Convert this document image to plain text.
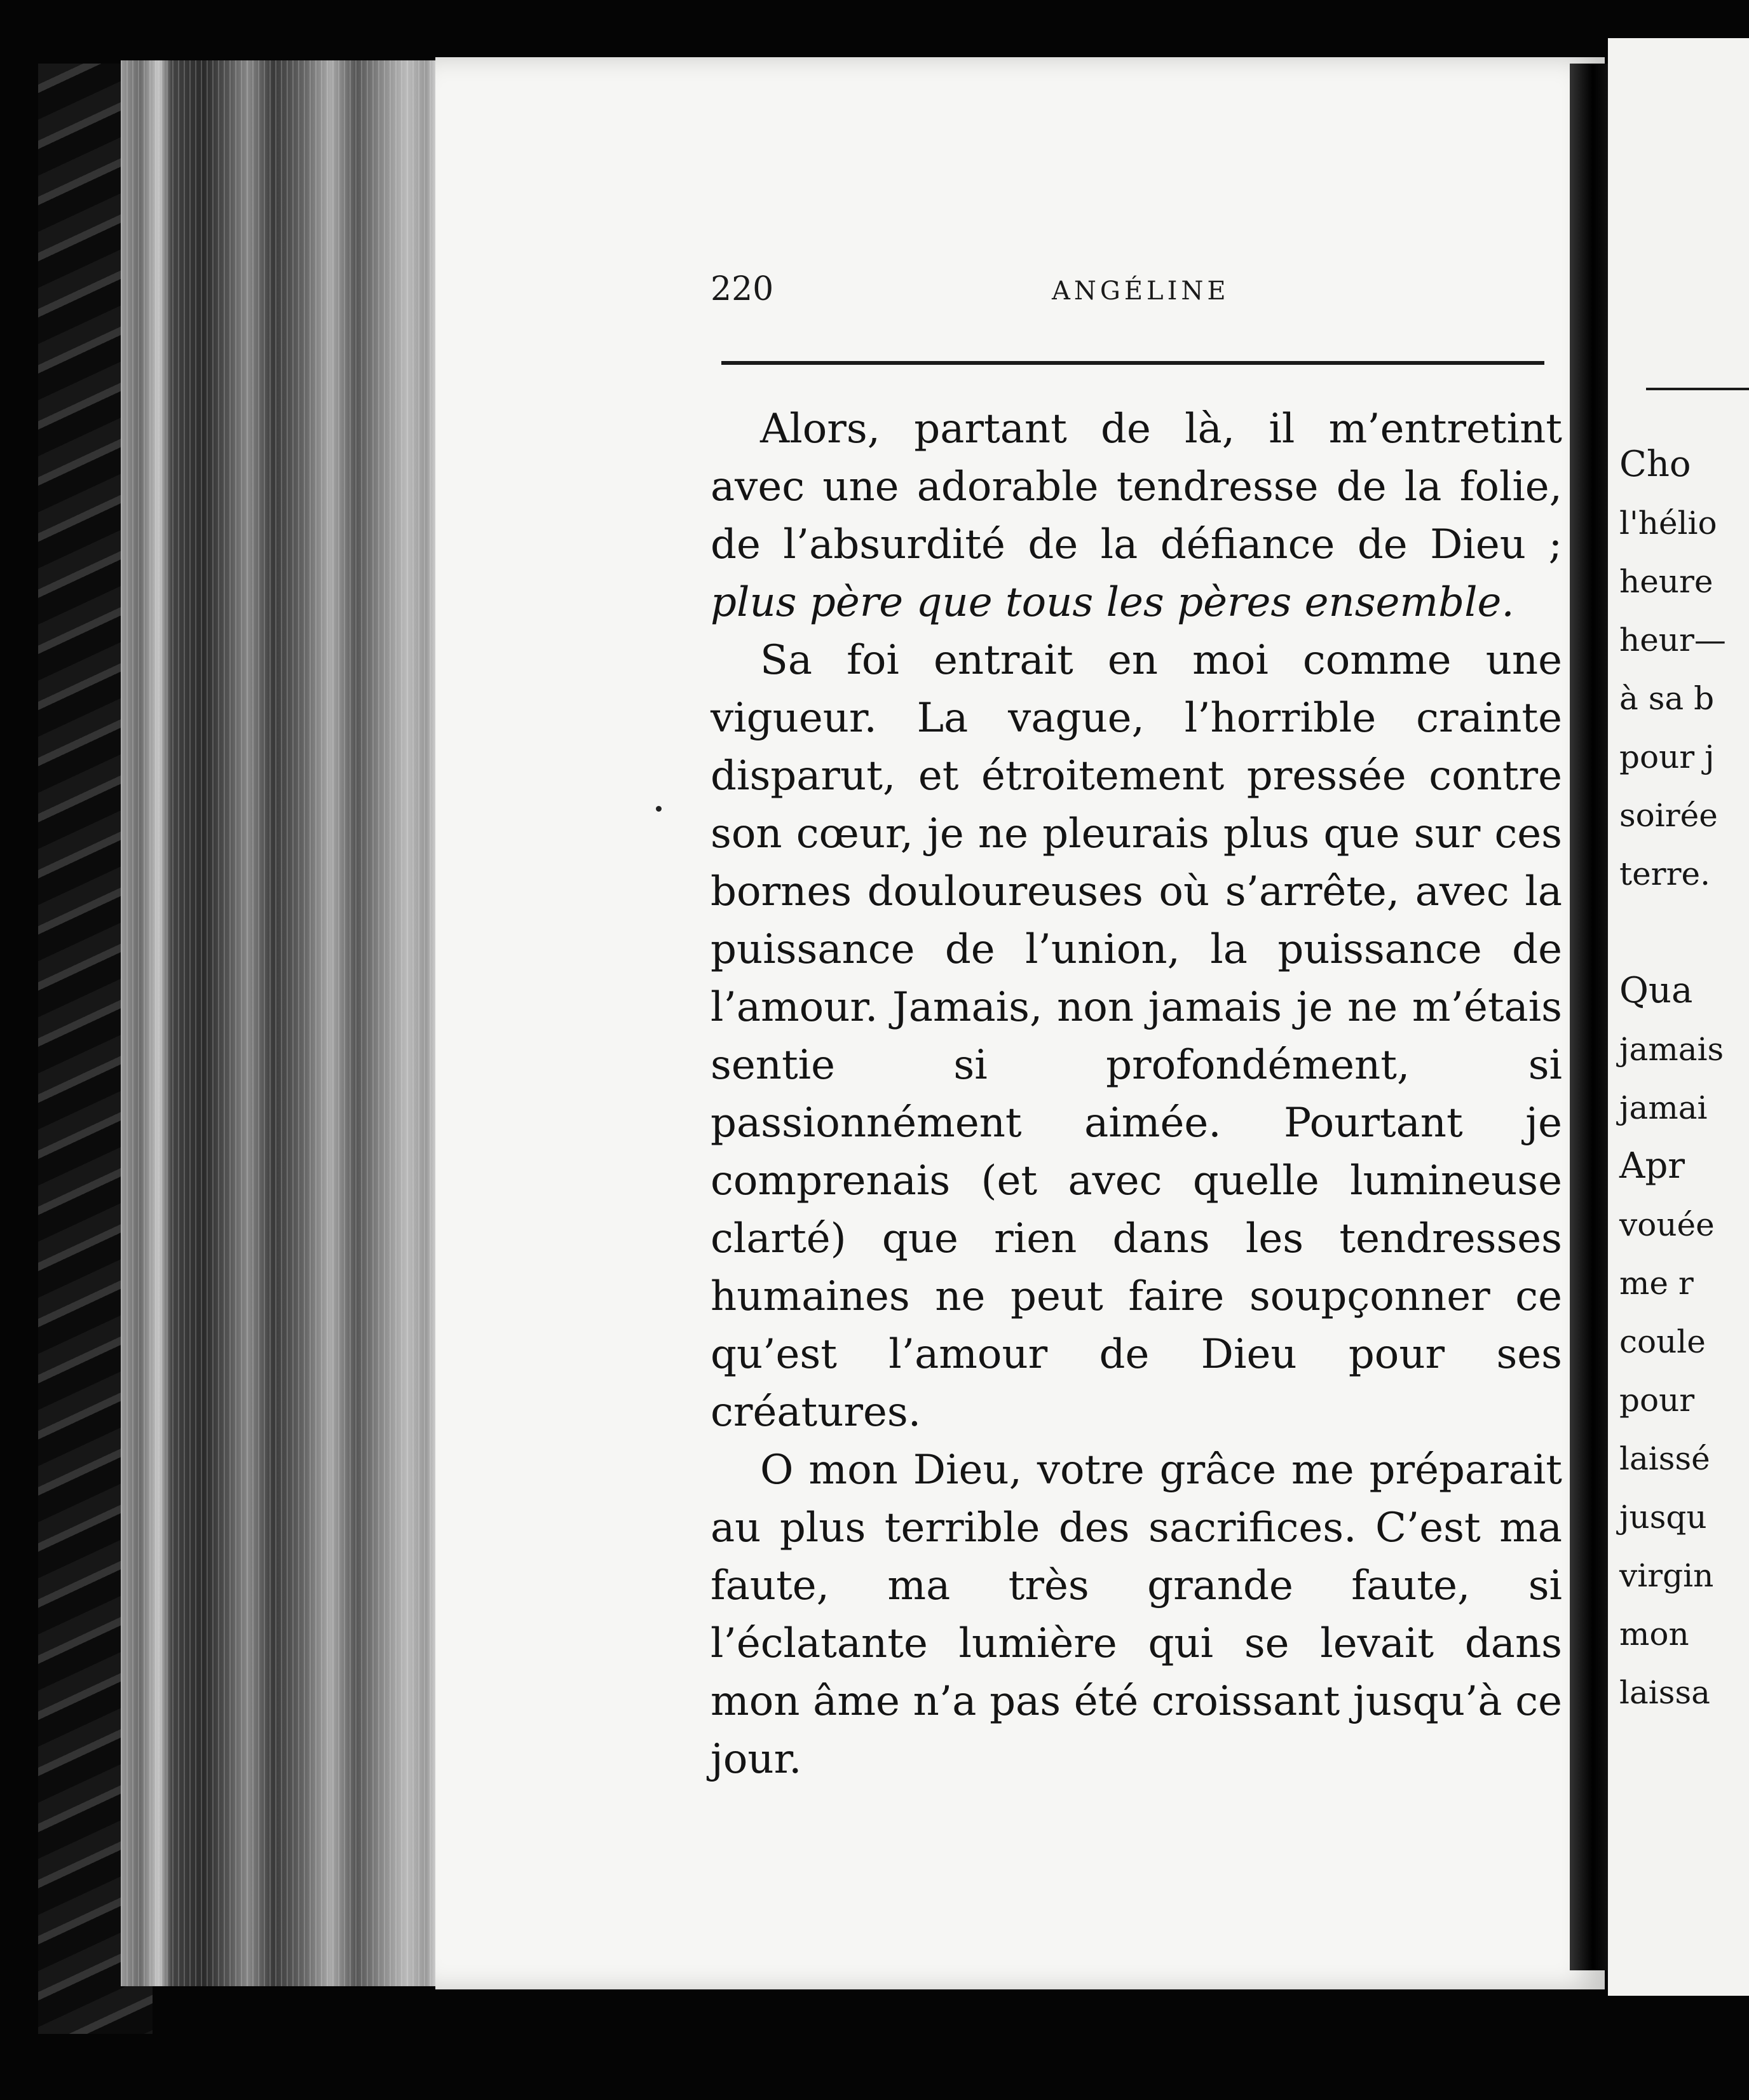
220	ANGÉLINE

Alors, partant de là, il m’entretint avec une adorable tendresse de la folie, de l’absurdité de la défiance de Dieu ; plus père que tous les pères ensemble.

Sa foi entrait en moi comme une vigueur. La vague, l’horrible crainte disparut, et étroitement pressée contre son cœur, je ne pleurais plus que sur ces bornes douloureuses où s’arrête, avec la puissance de l’union, la puissance de l’amour. Jamais, non jamais je ne m’étais sentie si profondément, si passionnément aimée. Pourtant je comprenais (et avec quelle lumineuse clarté) que rien dans les tendresses humaines ne peut faire soupçonner ce qu’est l’amour de Dieu pour ses créatures.

O mon Dieu, votre grâce me préparait au plus terrible des sacrifices. C’est ma faute, ma très grande faute, si l’éclatante lumière qui se levait dans mon âme n’a pas été croissant jusqu’à ce jour.

Cho
l'hélio
heure
heur—
à sa b
pour j
soirée
terre.
Qua
jamais
jamai
Apr
vouée
me r
coule
pour
laissé
jusqu
virgin
mon
laissa
